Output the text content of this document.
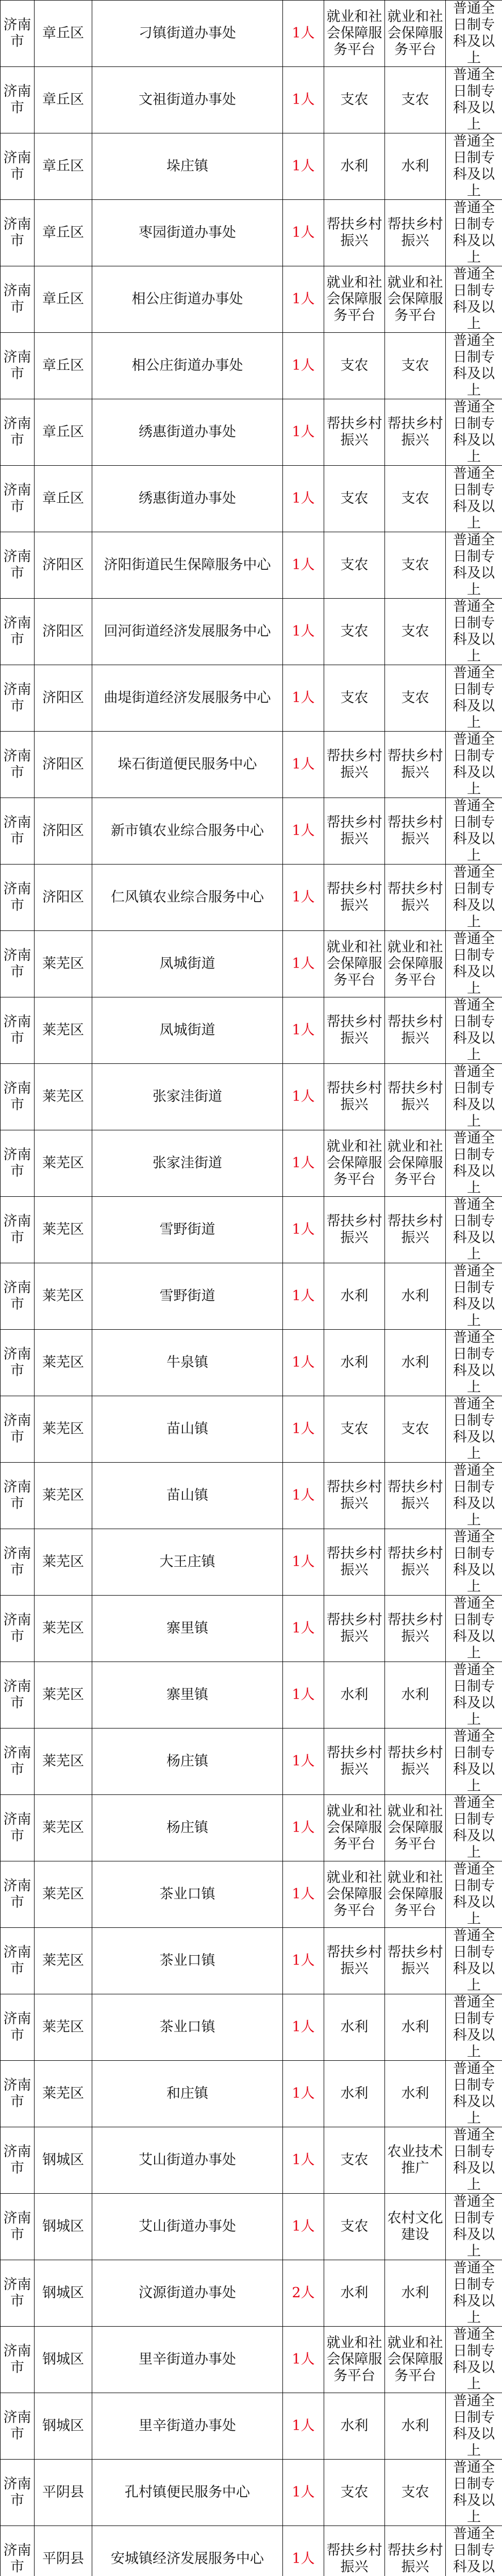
济南市	章丘区	刁镇街道办事处	1人	就业和社会保障服务平台	就业和社会保障服务平台	普通全日制专科及以上
济南市	章丘区	文祖街道办事处	1人	支农	支农	普通全日制专科及以上
济南市	章丘区	垛庄镇	1人	水利	水利	普通全日制专科及以上
济南市	章丘区	枣园街道办事处	1人	帮扶乡村振兴	帮扶乡村振兴	普通全日制专科及以上
济南市	章丘区	相公庄街道办事处	1人	就业和社会保障服务平台	就业和社会保障服务平台	普通全日制专科及以上
济南市	章丘区	相公庄街道办事处	1人	支农	支农	普通全日制专科及以上
济南市	章丘区	绣惠街道办事处	1人	帮扶乡村振兴	帮扶乡村振兴	普通全日制专科及以上
济南市	章丘区	绣惠街道办事处	1人	支农	支农	普通全日制专科及以上
济南市	济阳区	济阳街道民生保障服务中心	1人	支农	支农	普通全日制专科及以上
济南市	济阳区	回河街道经济发展服务中心	1人	支农	支农	普通全日制专科及以上
济南市	济阳区	曲堤街道经济发展服务中心	1人	支农	支农	普通全日制专科及以上
济南市	济阳区	垛石街道便民服务中心	1人	帮扶乡村振兴	帮扶乡村振兴	普通全日制专科及以上
济南市	济阳区	新市镇农业综合服务中心	1人	帮扶乡村振兴	帮扶乡村振兴	普通全日制专科及以上
济南市	济阳区	仁风镇农业综合服务中心	1人	帮扶乡村振兴	帮扶乡村振兴	普通全日制专科及以上
济南市	莱芜区	凤城街道	1人	就业和社会保障服务平台	就业和社会保障服务平台	普通全日制专科及以上
济南市	莱芜区	凤城街道	1人	帮扶乡村振兴	帮扶乡村振兴	普通全日制专科及以上
济南市	莱芜区	张家洼街道	1人	帮扶乡村振兴	帮扶乡村振兴	普通全日制专科及以上
济南市	莱芜区	张家洼街道	1人	就业和社会保障服务平台	就业和社会保障服务平台	普通全日制专科及以上
济南市	莱芜区	雪野街道	1人	帮扶乡村振兴	帮扶乡村振兴	普通全日制专科及以上
济南市	莱芜区	雪野街道	1人	水利	水利	普通全日制专科及以上
济南市	莱芜区	牛泉镇	1人	水利	水利	普通全日制专科及以上
济南市	莱芜区	苗山镇	1人	支农	支农	普通全日制专科及以上
济南市	莱芜区	苗山镇	1人	帮扶乡村振兴	帮扶乡村振兴	普通全日制专科及以上
济南市	莱芜区	大王庄镇	1人	帮扶乡村振兴	帮扶乡村振兴	普通全日制专科及以上
济南市	莱芜区	寨里镇	1人	帮扶乡村振兴	帮扶乡村振兴	普通全日制专科及以上
济南市	莱芜区	寨里镇	1人	水利	水利	普通全日制专科及以上
济南市	莱芜区	杨庄镇	1人	帮扶乡村振兴	帮扶乡村振兴	普通全日制专科及以上
济南市	莱芜区	杨庄镇	1人	就业和社会保障服务平台	就业和社会保障服务平台	普通全日制专科及以上
济南市	莱芜区	茶业口镇	1人	就业和社会保障服务平台	就业和社会保障服务平台	普通全日制专科及以上
济南市	莱芜区	茶业口镇	1人	帮扶乡村振兴	帮扶乡村振兴	普通全日制专科及以上
济南市	莱芜区	茶业口镇	1人	水利	水利	普通全日制专科及以上
济南市	莱芜区	和庄镇	1人	水利	水利	普通全日制专科及以上
济南市	钢城区	艾山街道办事处	1人	支农	农业技术推广	普通全日制专科及以上
济南市	钢城区	艾山街道办事处	1人	支农	农村文化建设	普通全日制专科及以上
济南市	钢城区	汶源街道办事处	2人	水利	水利	普通全日制专科及以上
济南市	钢城区	里辛街道办事处	1人	就业和社会保障服务平台	就业和社会保障服务平台	普通全日制专科及以上
济南市	钢城区	里辛街道办事处	1人	水利	水利	普通全日制专科及以上
济南市	平阴县	孔村镇便民服务中心	1人	支农	支农	普通全日制专科及以上
济南市	平阴县	安城镇经济发展服务中心	1人	帮扶乡村振兴	帮扶乡村振兴	普通全日制专科及以
